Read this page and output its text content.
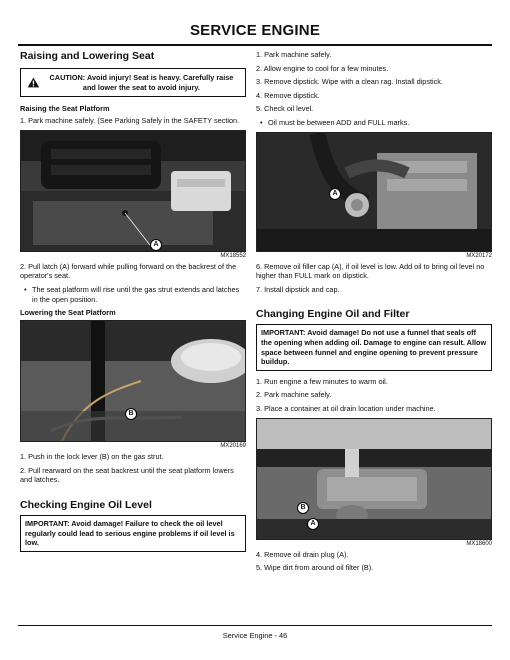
SERVICE ENGINE
Raising and Lowering Seat
CAUTION: Avoid injury! Seat is heavy. Carefully raise and lower the seat to avoid injury.
Raising the Seat Platform
1. Park machine safely. (See Parking Safely in the SAFETY section.
A
MX18552
2. Pull latch (A) forward while pulling forward on the backrest of the operator's seat.
• The seat platform will rise until the gas strut extends and latches in the open position.
Lowering the Seat Platform
B
MX20169
1. Push in the lock lever (B) on the gas strut.
2. Pull rearward on the seat backrest until the seat platform lowers and latches.
Checking Engine Oil Level
IMPORTANT: Avoid damage! Failure to check the oil level regularly could lead to serious engine problems if oil level is low.
1. Park machine safely.
2. Allow engine to cool for a few minutes.
3. Remove dipstick. Wipe with a clean rag. Install dipstick.
4. Remove dipstick.
5. Check oil level.
• Oil must be between ADD and FULL marks.
A
MX20172
6. Remove oil filler cap (A), if oil level is low. Add oil to bring oil level no higher than FULL mark on dipstick.
7. Install dipstick and cap.
Changing Engine Oil and Filter
IMPORTANT: Avoid damage! Do not use a funnel that seals off the opening when adding oil. Damage to engine can result. Allow space between funnel and engine opening to prevent pressure buildup.
1. Run engine a few minutes to warm oil.
2. Park machine safely.
3. Place a container at oil drain location under machine.
B
A
MX18600
4. Remove oil drain plug (A).
5. Wipe dirt from around oil filter (B).
Service Engine - 46
